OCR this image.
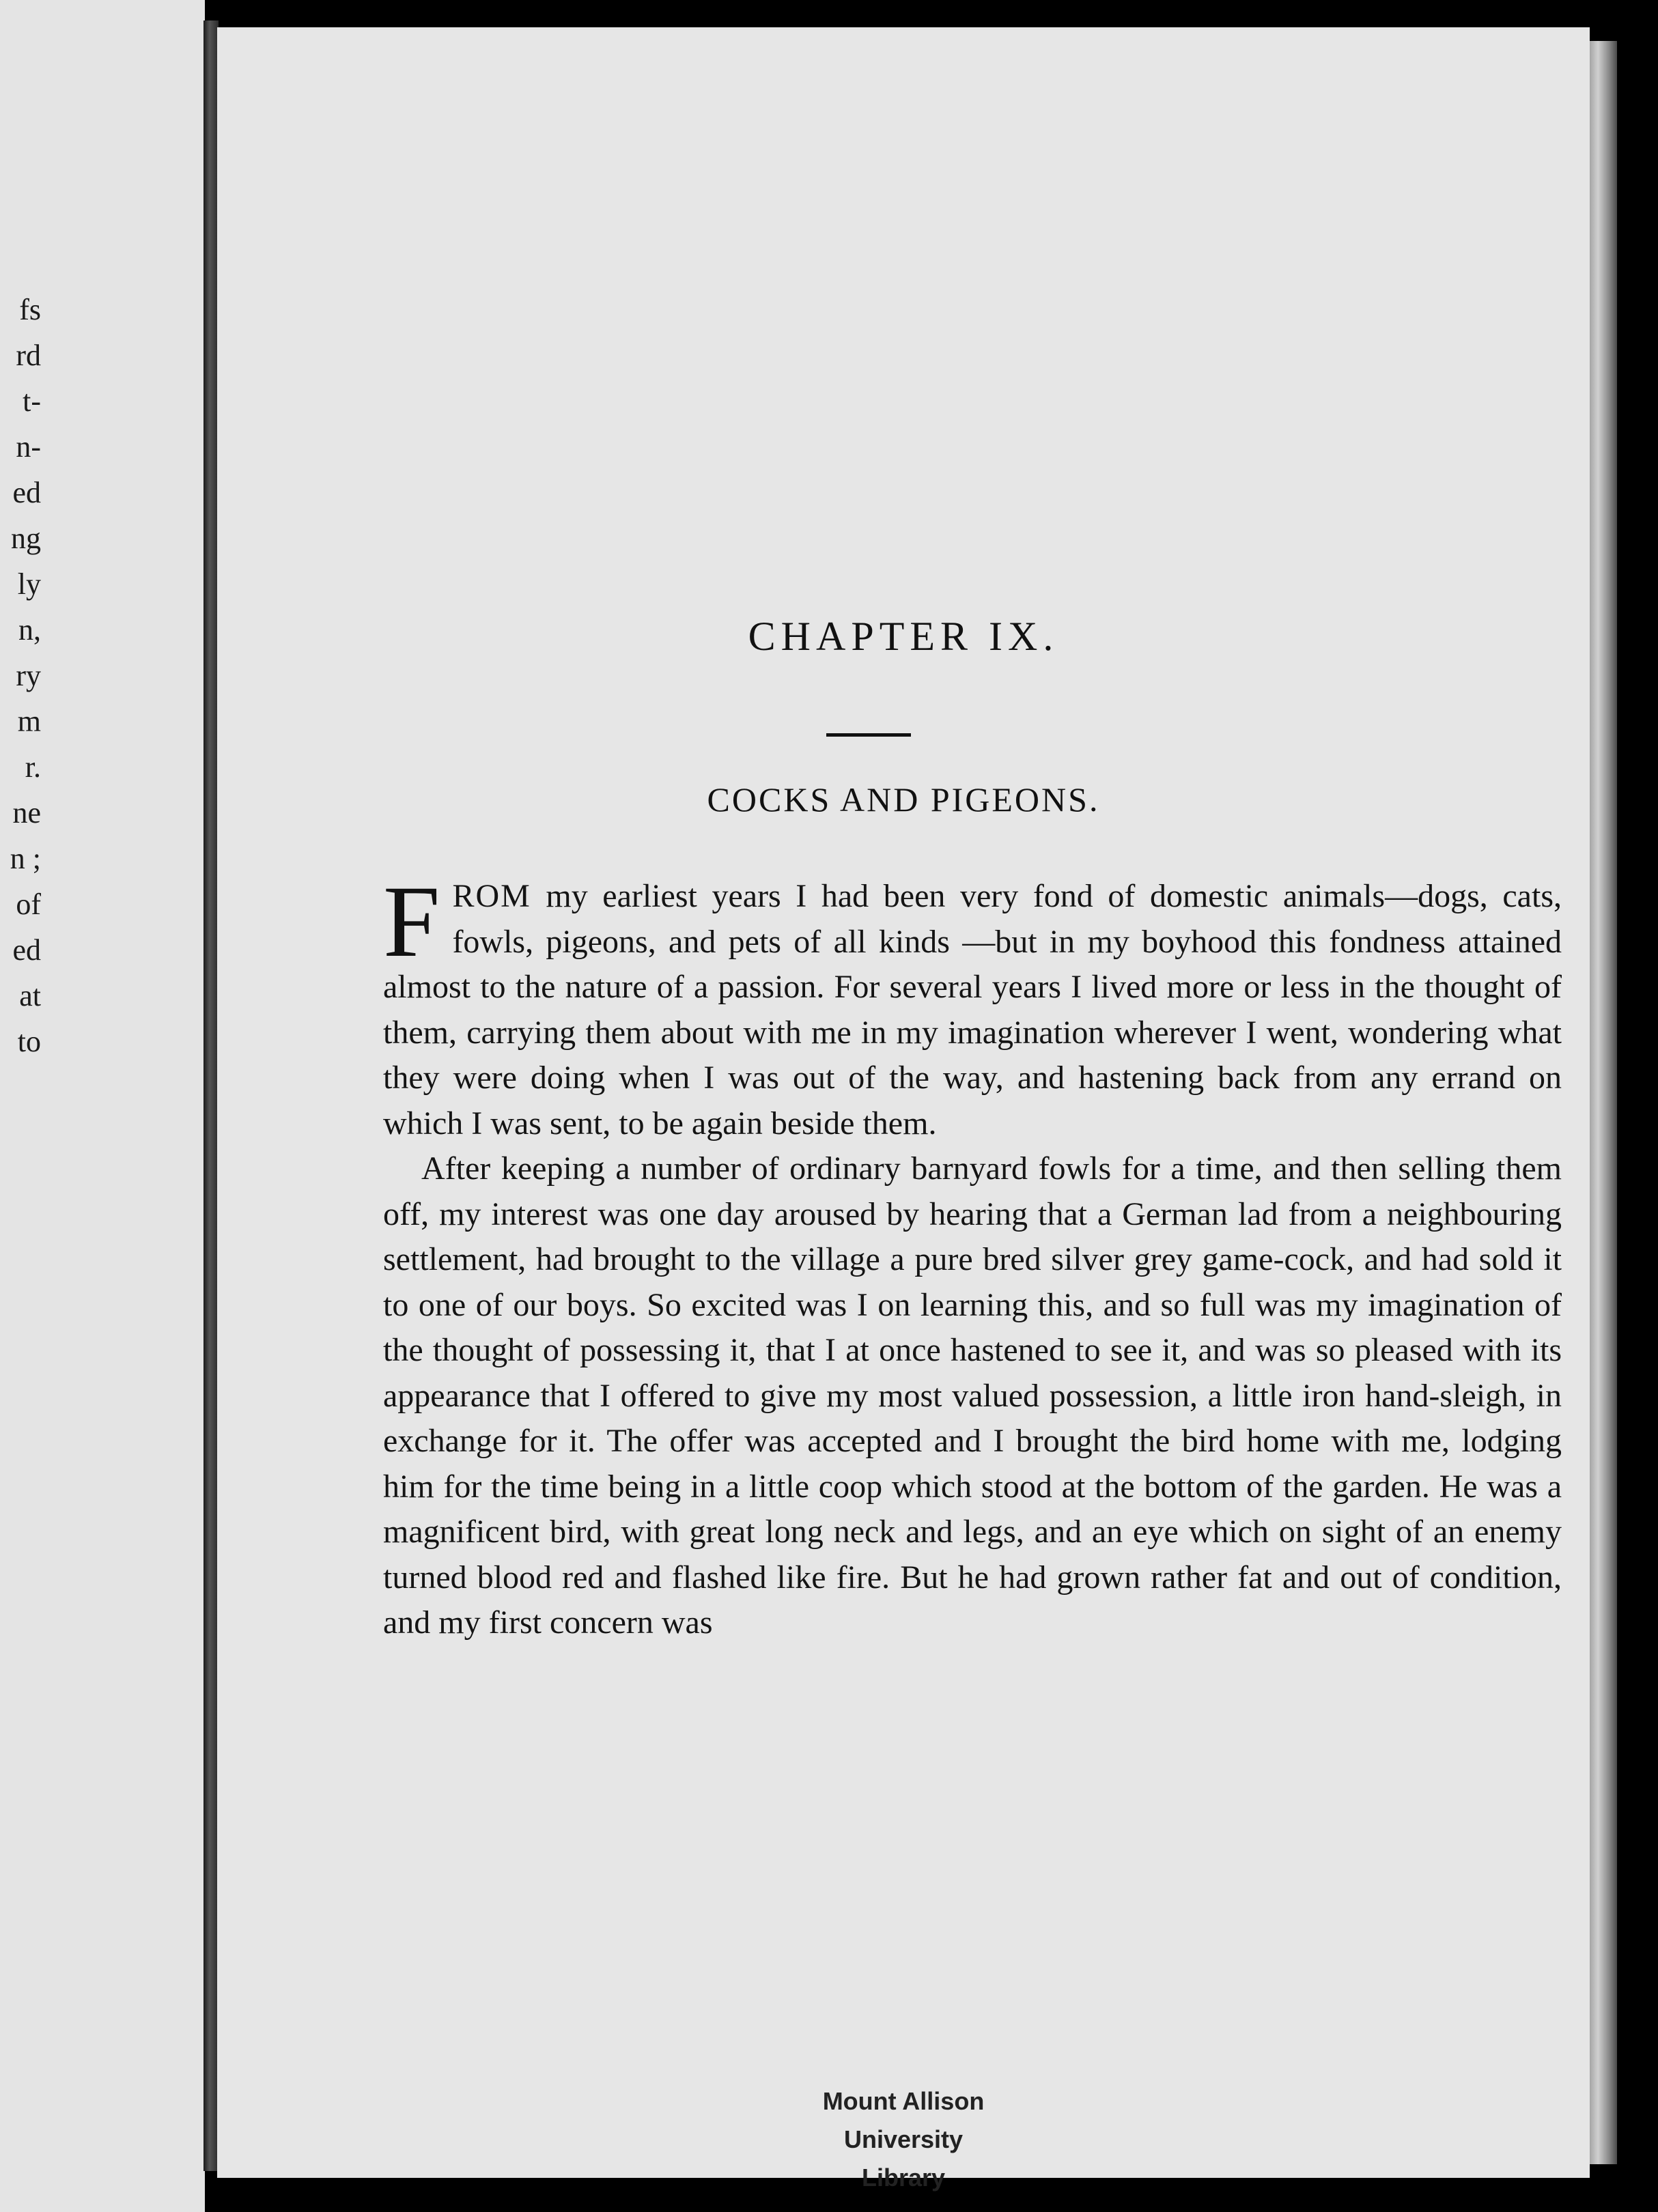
fs
rd
t-
n-
ed
ng
ly
n,
ry
m
r.
ne
n ;
of
ed
at
to
CHAPTER IX.
COCKS AND PIGEONS.

FROM my earliest years I had been very fond of domestic animals—dogs, cats, fowls, pigeons, and pets of all kinds —but in my boyhood this fondness attained almost to the nature of a passion. For several years I lived more or less in the thought of them, carrying them about with me in my imagination wherever I went, wondering what they were doing when I was out of the way, and hastening back from any errand on which I was sent, to be again beside them.

After keeping a number of ordinary barnyard fowls for a time, and then selling them off, my interest was one day aroused by hearing that a German lad from a neighbouring settlement, had brought to the village a pure bred silver grey game-cock, and had sold it to one of our boys. So excited was I on learning this, and so full was my imagination of the thought of possessing it, that I at once hastened to see it, and was so pleased with its appearance that I offered to give my most valued possession, a little iron hand-sleigh, in exchange for it. The offer was accepted and I brought the bird home with me, lodging him for the time being in a little coop which stood at the bottom of the garden. He was a magnificent bird, with great long neck and legs, and an eye which on sight of an enemy turned blood red and flashed like fire. But he had grown rather fat and out of condition, and my first concern was

Mount Allison
University
Library
